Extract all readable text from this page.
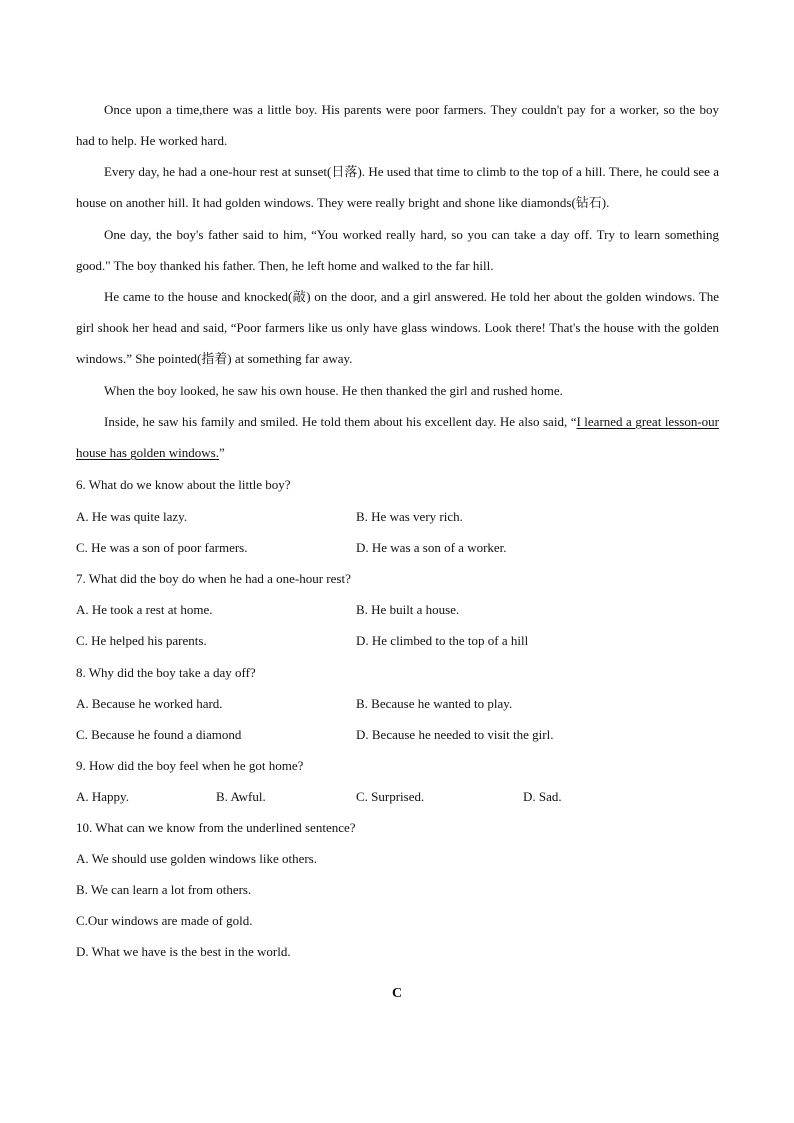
Once upon a time,there was a little boy. His parents were poor farmers. They couldn't pay for a worker, so the boy had to help. He worked hard.

Every day, he had a one-hour rest at sunset(日落). He used that time to climb to the top of a hill. There, he could see a house on another hill. It had golden windows. They were really bright and shone like diamonds(钻石).

One day, the boy's father said to him, “You worked really hard, so you can take a day off. Try to learn something good." The boy thanked his father. Then, he left home and walked to the far hill.

He came to the house and knocked(敲) on the door, and a girl answered. He told her about the golden windows. The girl shook her head and said, “Poor farmers like us only have glass windows. Look there! That's the house with the golden windows.” She pointed(指着) at something far away.

When the boy looked, he saw his own house. He then thanked the girl and rushed home.

Inside, he saw his family and smiled. He told them about his excellent day. He also said, “I learned a great lesson-our house has golden windows.”

6. What do we know about the little boy?

A. He was quite lazy.	B. He was very rich.
C. He was a son of poor farmers.	D. He was a son of a worker.

7. What did the boy do when he had a one-hour rest?

A. He took a rest at home.	B. He built a house.
C. He helped his parents.	D. He climbed to the top of a hill

8. Why did the boy take a day off?

A. Because he worked hard.	B. Because he wanted to play.
C. Because he found a diamond	D. Because he needed to visit the girl.

9. How did the boy feel when he got home?

A. Happy.	B. Awful.	C. Surprised.	D. Sad.

10. What can we know from the underlined sentence?

A. We should use golden windows like others.
B. We can learn a lot from others.
C.Our windows are made of gold.
D. What we have is the best in the world.
C
